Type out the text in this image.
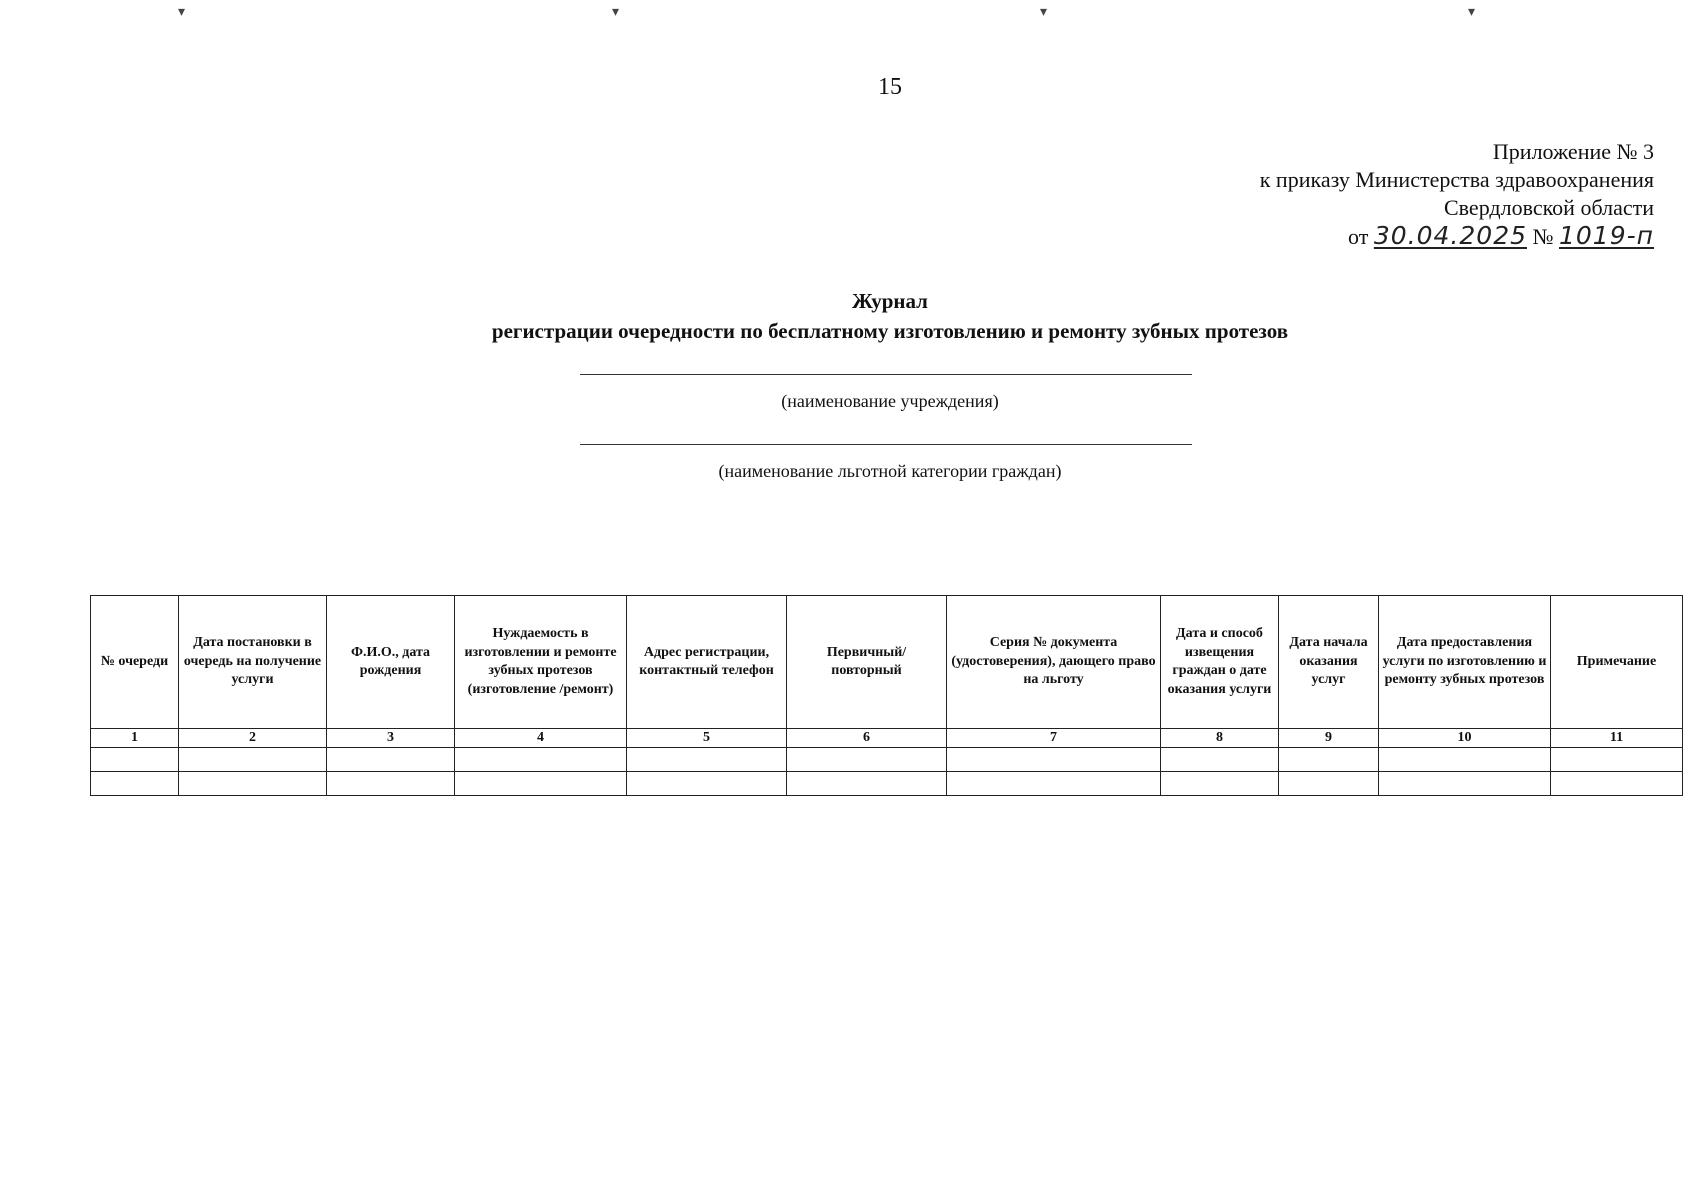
▾	▾	▾	▾
15
Приложение № 3
к приказу Министерства здравоохранения
Свердловской области
от 30.04.2025 № 1019-п
Журнал
регистрации очередности по бесплатному изготовлению и ремонту зубных протезов
(наименование учреждения)
(наименование льготной категории граждан)
№ очереди	Дата постановки в очередь на получение услуги	Ф.И.О., дата рождения	Нуждаемость в изготовлении и ремонте зубных протезов (изготовление /ремонт)	Адрес регистрации, контактный телефон	Первичный/ повторный	Серия № документа (удостоверения), дающего право на льготу	Дата и способ извещения граждан о дате оказания услуги	Дата начала оказания услуг	Дата предоставления услуги по изготовлению и ремонту зубных протезов	Примечание
1	2	3	4	5	6	7	8	9	10	11
